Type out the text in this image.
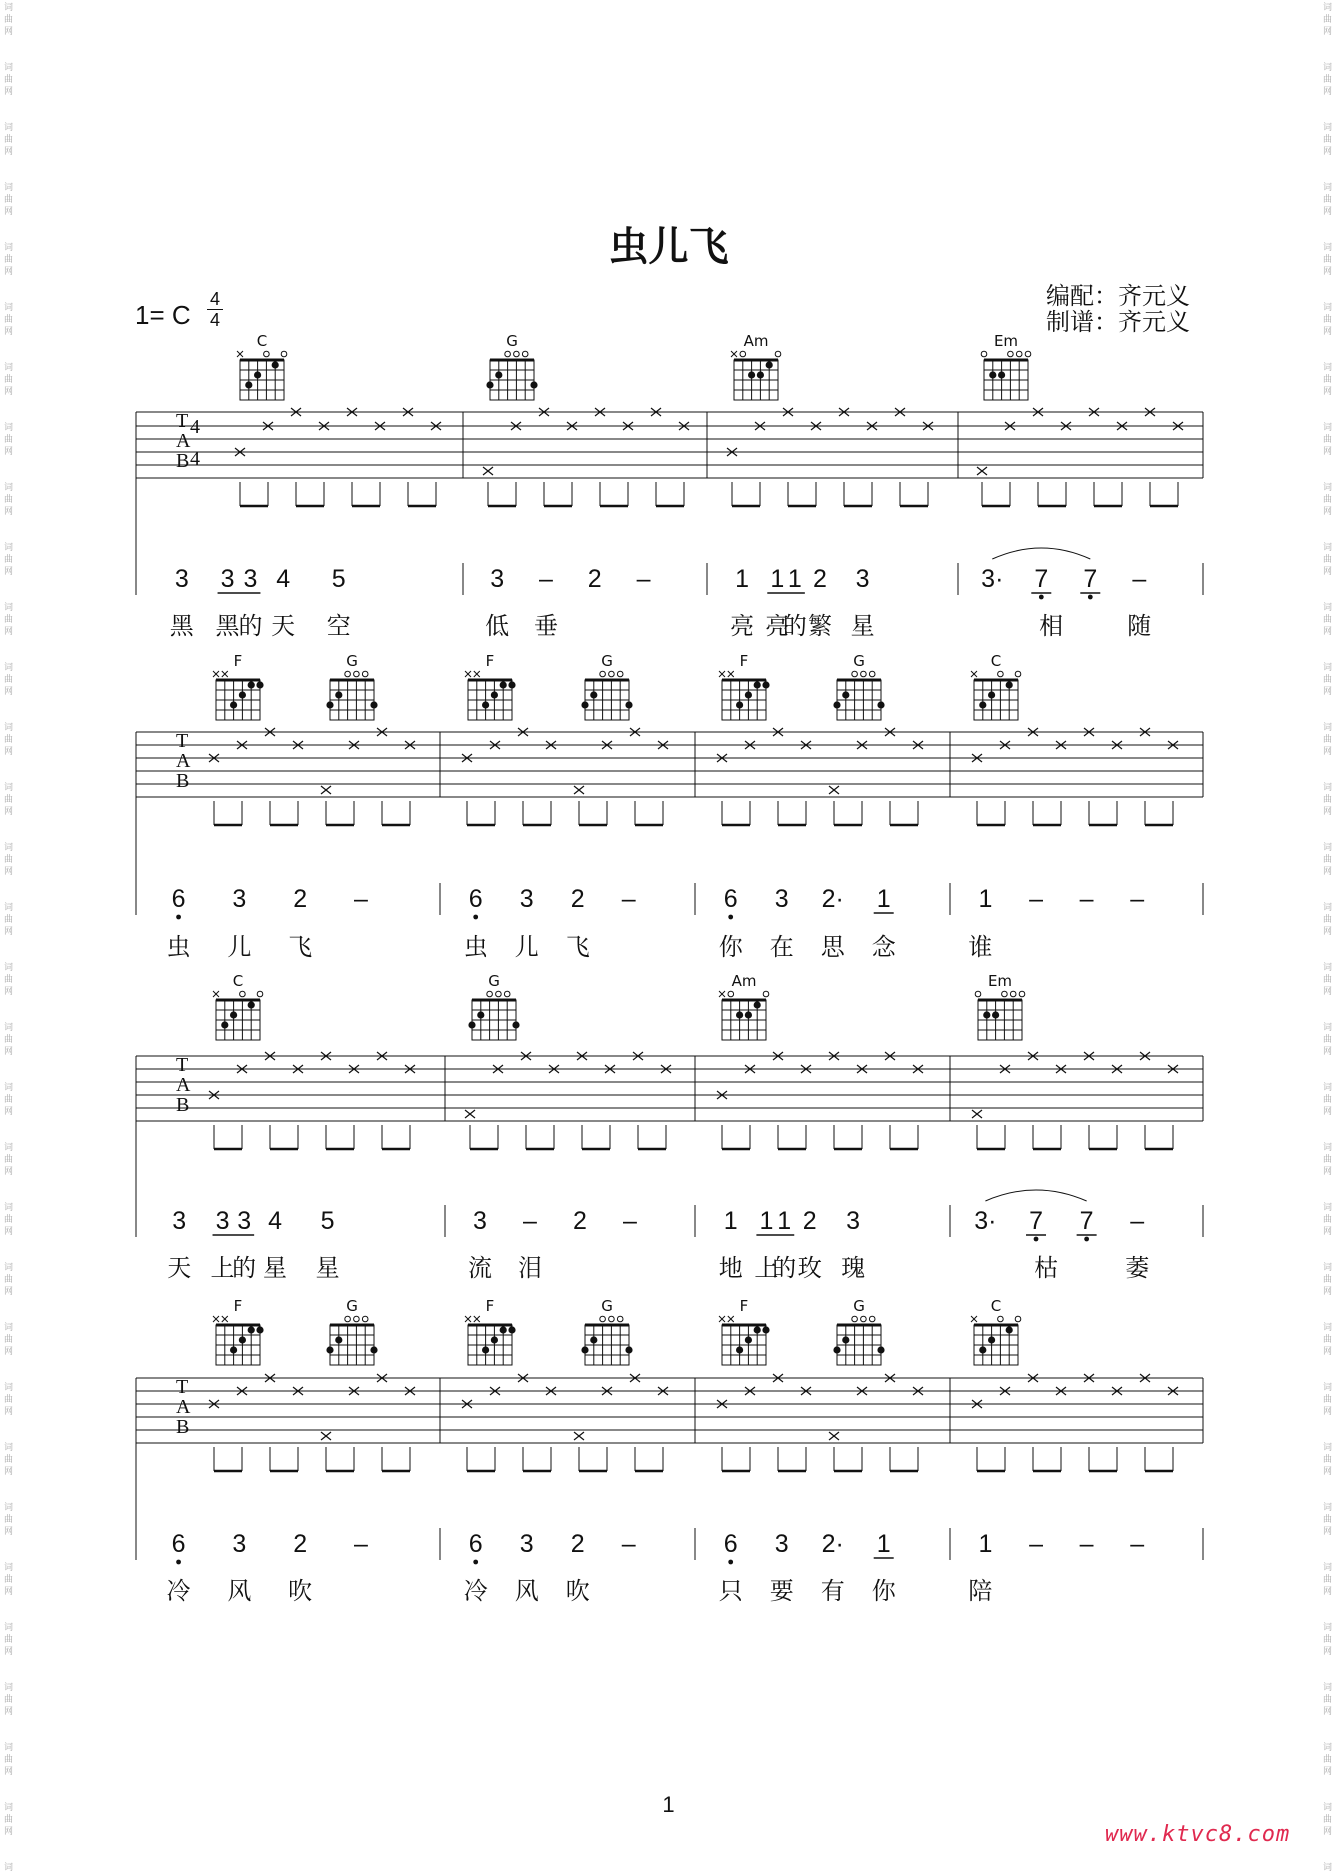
虫儿飞
1= C
4
4
编配：齐元义
制谱：齐元义
词
曲
网
词
曲
网
词
曲
网
词
曲
网
词
曲
网
词
曲
网
词
曲
网
词
曲
网
词
曲
网
词
曲
网
词
曲
网
词
曲
网
词
曲
网
词
曲
网
词
曲
网
词
曲
网
词
曲
网
词
曲
网
词
曲
网
词
曲
网
词
曲
网
词
曲
网
词
曲
网
词
曲
网
词
曲
网
词
曲
网
词
曲
网
词
曲
网
词
曲
网
词
曲
网
词
曲
网
词
词
曲
网
词
曲
网
词
曲
网
词
曲
网
词
曲
网
词
曲
网
词
曲
网
词
曲
网
词
曲
网
词
曲
网
词
曲
网
词
曲
网
词
曲
网
词
曲
网
词
曲
网
词
曲
网
词
曲
网
词
曲
网
词
曲
网
词
曲
网
词
曲
网
词
曲
网
词
曲
网
词
曲
网
词
曲
网
词
曲
网
词
曲
网
词
曲
网
词
曲
网
词
曲
网
词
曲
网
词
C	G	Am	Em
T
A
B
4
4
3 3 3 4 5
黑 黑
的 天 空
3 – 2 –
低 垂
1 1 1 2 3
亮 亮
的 繁 星
3· 7 7 –
相	随
F	G	F	G	F	G	C
T
A
B
6 3 2 –
虫 儿 飞
6 3 2 –
虫 儿 飞
6 3 2· 1
你 在 思 念
1 – – –
谁
C	G	Am	Em
T
A
B
3 3 3 4 5
天 上
的 星 星
3 – 2 –
流 泪
1 1 1 2 3
地 上
的 玫 瑰
3· 7 7 –
枯	萎
F	G	F	G	F	G	C
T
A
B
6 3 2 –
冷 风 吹
6 3 2 –
冷 风 吹
6 3 2· 1
只 要 有 你
1 – – –
陪
1
www.ktvc8.com
